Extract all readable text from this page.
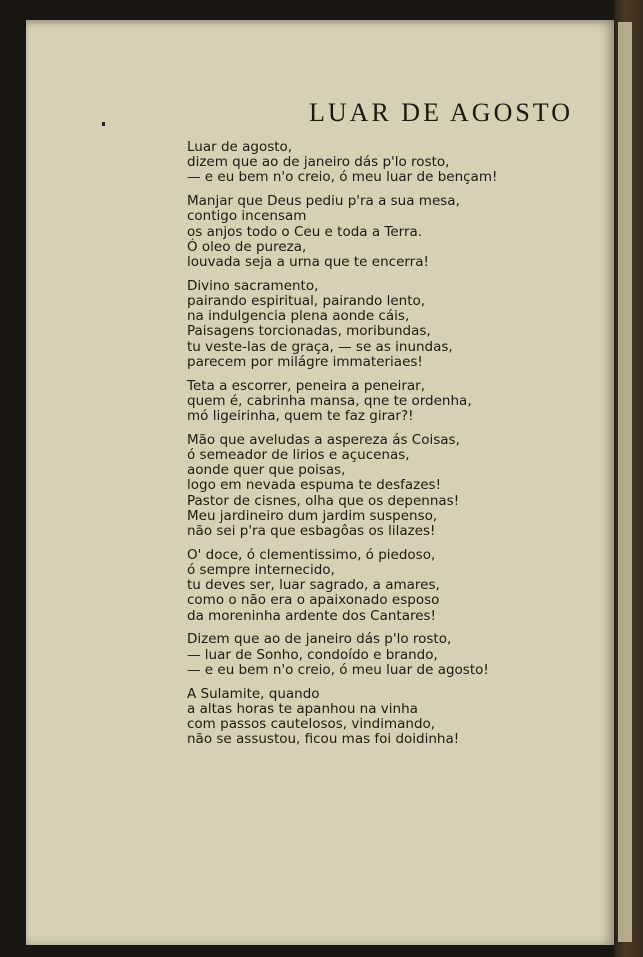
LUAR DE AGOSTO
Luar de agosto,
dizem que ao de janeiro dás p'lo rosto,
— e eu bem n'o creio, ó meu luar de bençam!
Manjar que Deus pediu p'ra a sua mesa,
contigo incensam
os anjos todo o Ceu e toda a Terra.
Ó oleo de pureza,
louvada seja a urna que te encerra!
Divino sacramento,
pairando espiritual, pairando lento,
na indulgencia plena aonde cáis,
Paisagens torcionadas, moribundas,
tu veste-las de graça, — se as inundas,
parecem por milágre immateriaes!
Teta a escorrer, peneira a peneirar,
quem é, cabrinha mansa, qne te ordenha,
mó ligeirinha, quem te faz girar?!
Mão que aveludas a aspereza ás Coisas,
ó semeador de lirios e açucenas,
aonde quer que poisas,
logo em nevada espuma te desfazes!
Pastor de cisnes, olha que os depennas!
Meu jardineiro dum jardim suspenso,
não sei p'ra que esbagôas os lilazes!
O' doce, ó clementissimo, ó piedoso,
ó sempre internecido,
tu deves ser, luar sagrado, a amares,
como o não era o apaixonado esposo
da moreninha ardente dos Cantares!
Dizem que ao de janeiro dás p'lo rosto,
— luar de Sonho, condoído e brando,
— e eu bem n'o creio, ó meu luar de agosto!
A Sulamite, quando
a altas horas te apanhou na vinha
com passos cautelosos, vindimando,
não se assustou, ficou mas foi doidinha!
